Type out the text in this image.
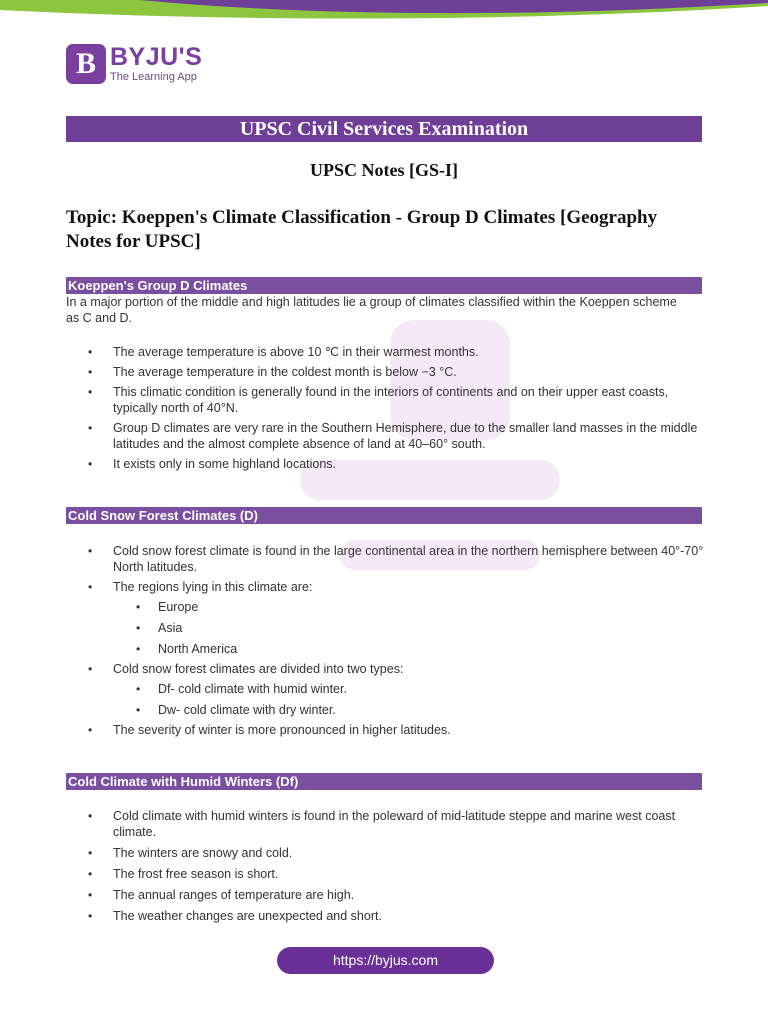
B BYJU'S
The Learning App
UPSC Civil Services Examination
UPSC Notes [GS-I]
Topic: Koeppen's Climate Classification - Group D Climates [Geography Notes for UPSC]
Koeppen's Group D Climates
In a major portion of the middle and high latitudes lie a group of climates classified within the Koeppen scheme as C and D.
• The average temperature is above 10 ℃ in their warmest months.
• The average temperature in the coldest month is below −3 °C.
• This climatic condition is generally found in the interiors of continents and on their upper east coasts, typically north of 40°N.
• Group D climates are very rare in the Southern Hemisphere, due to the smaller land masses in the middle latitudes and the almost complete absence of land at 40–60° south.
• It exists only in some highland locations.
Cold Snow Forest Climates (D)
• Cold snow forest climate is found in the large continental area in the northern hemisphere between 40°-70° North latitudes.
• The regions lying in this climate are:
• Europe
• Asia
• North America
• Cold snow forest climates are divided into two types:
• Df- cold climate with humid winter.
• Dw- cold climate with dry winter.
• The severity of winter is more pronounced in higher latitudes.
Cold Climate with Humid Winters (Df)
• Cold climate with humid winters is found in the poleward of mid-latitude steppe and marine west coast climate.
• The winters are snowy and cold.
• The frost free season is short.
• The annual ranges of temperature are high.
• The weather changes are unexpected and short.
https://byjus.com
